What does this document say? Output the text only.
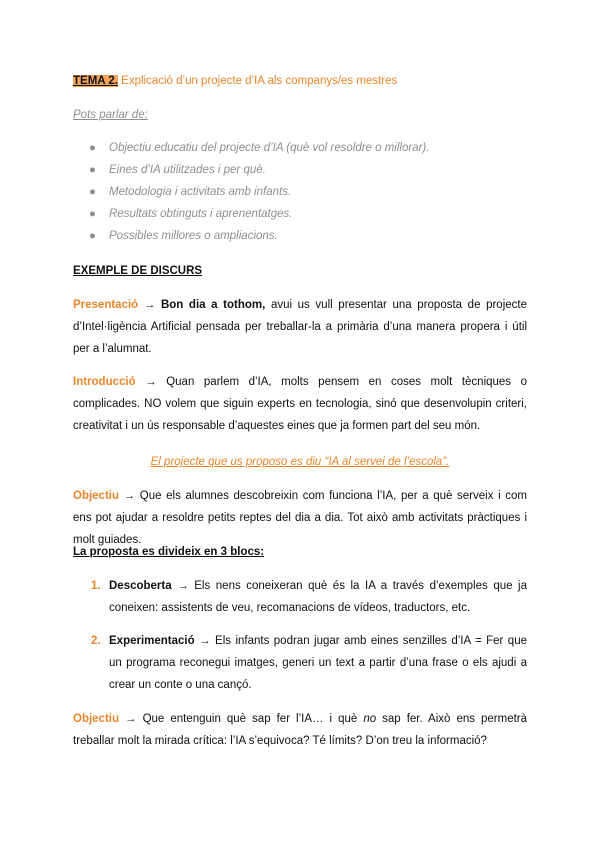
TEMA 2. Explicació d’un projecte d’IA als companys/es mestres
Pots parlar de:
● Objectiu educatiu del projecte d’IA (què vol resoldre o millorar).
● Eines d’IA utilitzades i per què.
● Metodologia i activitats amb infants.
● Resultats obtinguts i aprenentatges.
● Possibles millores o ampliacions.
EXEMPLE DE DISCURS
Presentació → Bon dia a tothom, avui us vull presentar una proposta de projecte d’Intel·ligència Artificial pensada per treballar-la a primària d’una manera propera i útil per a l’alumnat.
Introducció → Quan parlem d’IA, molts pensem en coses molt tècniques o complicades. NO volem que siguin experts en tecnologia, sinó que desenvolupin criteri, creativitat i un ús responsable d’aquestes eines que ja formen part del seu món.
El projecte que us proposo es diu “IA al servei de l’escola”.
Objectiu → Que els alumnes descobreixin com funciona l’IA, per a què serveix i com ens pot ajudar a resoldre petits reptes del dia a dia. Tot això amb activitats pràctiques i molt guiades.
La proposta es divideix en 3 blocs:
1. Descoberta → Els nens coneixeran què és la IA a través d’exemples que ja coneixen: assistents de veu, recomanacions de vídeos, traductors, etc.
2. Experimentació → Els infants podran jugar amb eines senzilles d’IA = Fer que un programa reconegui imatges, generi un text a partir d’una frase o els ajudi a crear un conte o una cançó.
Objectiu → Que entenguin què sap fer l’IA… i què no sap fer. Això ens permetrà treballar molt la mirada crítica: l’IA s’equivoca? Té límits? D’on treu la informació?
